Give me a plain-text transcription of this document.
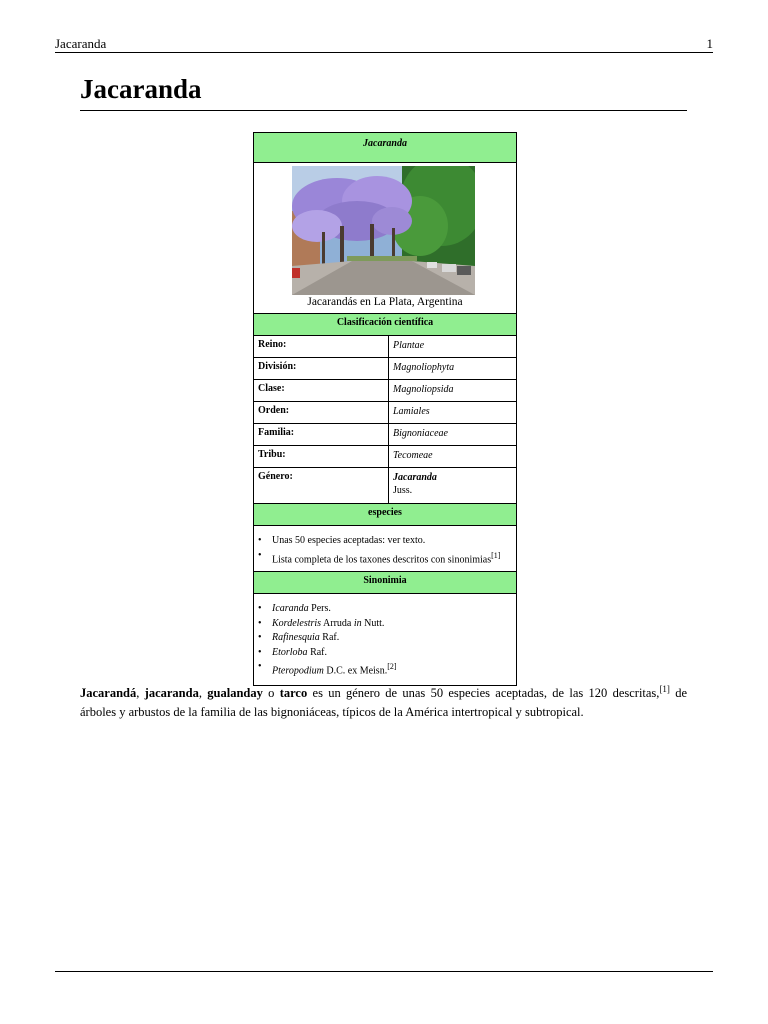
Jacaranda	1
Jacaranda
Jacaranda
Jacarandás en La Plata, Argentina
Clasificación científica
Reino:	Plantae
División:	Magnoliophyta
Clase:	Magnoliopsida
Orden:	Lamiales
Familia:	Bignoniaceae
Tribu:	Tecomeae
Género:	Jacaranda
Juss.
especies
• Unas 50 especies aceptadas: ver texto.
• Lista completa de los taxones descritos con sinonimias[1]
Sinonimia
• Icaranda Pers.
• Kordelestris Arruda in Nutt.
• Rafinesquia Raf.
• Etorloba Raf.
• Pteropodium D.C. ex Meisn.[2]

Jacarandá, jacaranda, gualanday o tarco es un género de unas 50 especies aceptadas, de las 120 descritas,[1] de árboles y arbustos de la familia de las bignoniáceas, típicos de la América intertropical y subtropical.
